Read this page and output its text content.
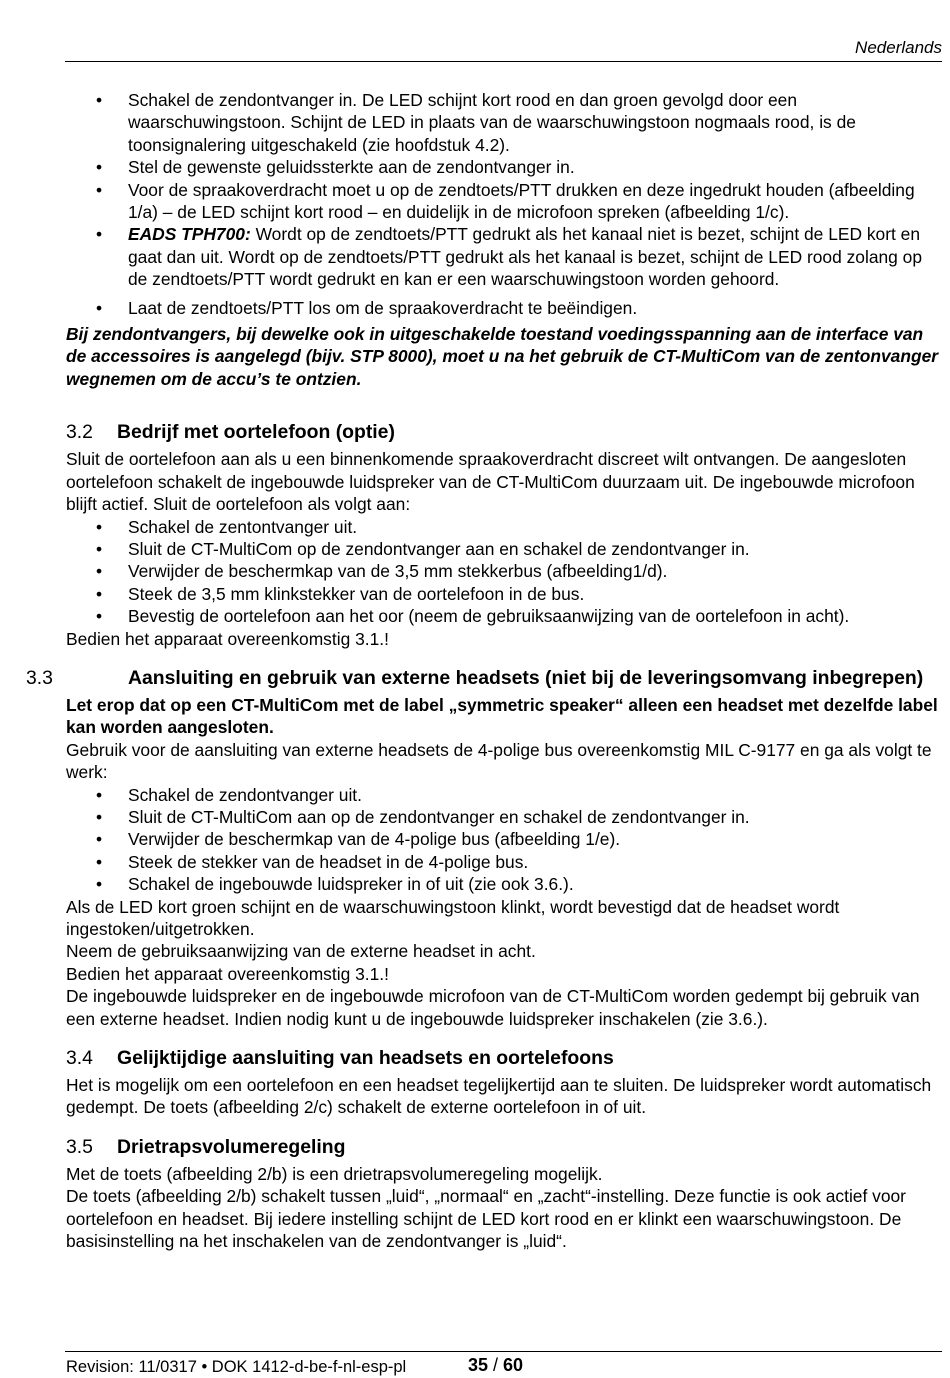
Nederlands
• Schakel de zendontvanger in. De LED schijnt kort rood en dan groen gevolgd door een waarschuwingstoon. Schijnt de LED in plaats van de waarschuwingstoon nogmaals rood, is de toonsignalering uitgeschakeld (zie hoofdstuk 4.2).
• Stel de gewenste geluidssterkte aan de zendontvanger in.
• Voor de spraakoverdracht moet u op de zendtoets/PTT drukken en deze ingedrukt houden (afbeelding 1/a) – de LED schijnt kort rood – en duidelijk in de microfoon spreken (afbeelding 1/c).
• EADS TPH700: Wordt op de zendtoets/PTT gedrukt als het kanaal niet is bezet, schijnt de LED kort en gaat dan uit. Wordt op de zendtoets/PTT gedrukt als het kanaal is bezet, schijnt de LED rood zolang op de zendtoets/PTT wordt gedrukt en kan er een waarschuwingstoon worden gehoord.
• Laat de zendtoets/PTT los om de spraakoverdracht te beëindigen.

Bij zendontvangers, bij dewelke ook in uitgeschakelde toestand voedingsspanning aan de interface van de accessoires is aangelegd (bijv. STP 8000), moet u na het gebruik de CT-MultiCom van de zentonvanger wegnemen om de accu’s te ontzien.

3.2 Bedrijf met oortelefoon (optie)

Sluit de oortelefoon aan als u een binnenkomende spraakoverdracht discreet wilt ontvangen. De aangesloten oortelefoon schakelt de ingebouwde luidspreker van de CT-MultiCom duurzaam uit. De ingebouwde microfoon blijft actief. Sluit de oortelefoon als volgt aan:

• Schakel de zentontvanger uit.
• Sluit de CT-MultiCom op de zendontvanger aan en schakel de zendontvanger in.
• Verwijder de beschermkap van de 3,5 mm stekkerbus (afbeelding1/d).
• Steek de 3,5 mm klinkstekker van de oortelefoon in de bus.
• Bevestig de oortelefoon aan het oor (neem de gebruiksaanwijzing van de oortelefoon in acht).

Bedien het apparaat overeenkomstig 3.1.!

3.3	Aansluiting en gebruik van externe headsets (niet bij de leveringsomvang inbegrepen)

Let erop dat op een CT-MultiCom met de label „symmetric speaker“ alleen een headset met dezelfde label kan worden aangesloten.

Gebruik voor de aansluiting van externe headsets de 4-polige bus overeenkomstig MIL C-9177 en ga als volgt te werk:

• Schakel de zendontvanger uit.
• Sluit de CT-MultiCom aan op de zendontvanger en schakel de zendontvanger in.
• Verwijder de beschermkap van de 4-polige bus (afbeelding 1/e).
• Steek de stekker van de headset in de 4-polige bus.
• Schakel de ingebouwde luidspreker in of uit (zie ook 3.6.).

Als de LED kort groen schijnt en de waarschuwingstoon klinkt, wordt bevestigd dat de headset wordt ingestoken/uitgetrokken.

Neem de gebruiksaanwijzing van de externe headset in acht.

Bedien het apparaat overeenkomstig 3.1.!

De ingebouwde luidspreker en de ingebouwde microfoon van de CT-MultiCom worden gedempt bij gebruik van een externe headset. Indien nodig kunt u de ingebouwde luidspreker inschakelen (zie 3.6.).

3.4 Gelijktijdige aansluiting van headsets en oortelefoons

Het is mogelijk om een oortelefoon en een headset tegelijkertijd aan te sluiten. De luidspreker wordt automatisch gedempt. De toets (afbeelding 2/c) schakelt de externe oortelefoon in of uit.

3.5 Drietrapsvolumeregeling

Met de toets (afbeelding 2/b) is een drietrapsvolumeregeling mogelijk.

De toets (afbeelding 2/b) schakelt tussen „luid“, „normaal“ en „zacht“-instelling. Deze functie is ook actief voor oortelefoon en headset. Bij iedere instelling schijnt de LED kort rood en er klinkt een waarschuwingstoon. De basisinstelling na het inschakelen van de zendontvanger is „luid“.

Revision: 11/0317 • DOK 1412-d-be-f-nl-esp-pl	35 / 60
